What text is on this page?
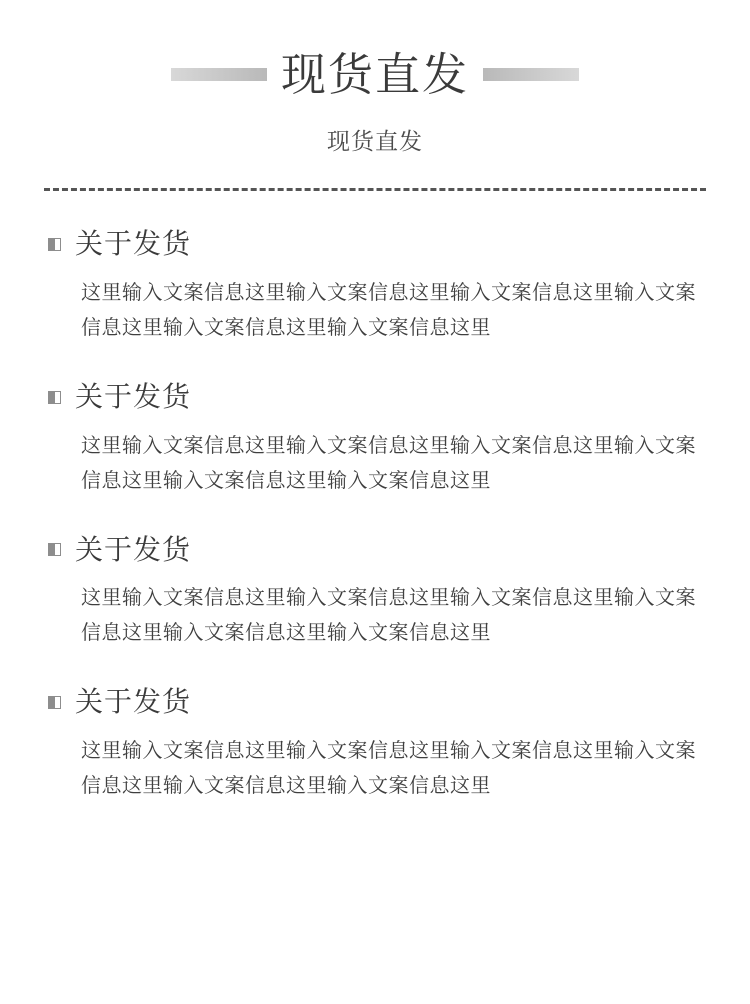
现货直发
现货直发
关于发货
这里输入文案信息这里输入文案信息这里输入文案信息这里输入文案信息这里输入文案信息这里输入文案信息这里
关于发货
这里输入文案信息这里输入文案信息这里输入文案信息这里输入文案信息这里输入文案信息这里输入文案信息这里
关于发货
这里输入文案信息这里输入文案信息这里输入文案信息这里输入文案信息这里输入文案信息这里输入文案信息这里
关于发货
这里输入文案信息这里输入文案信息这里输入文案信息这里输入文案信息这里输入文案信息这里输入文案信息这里
